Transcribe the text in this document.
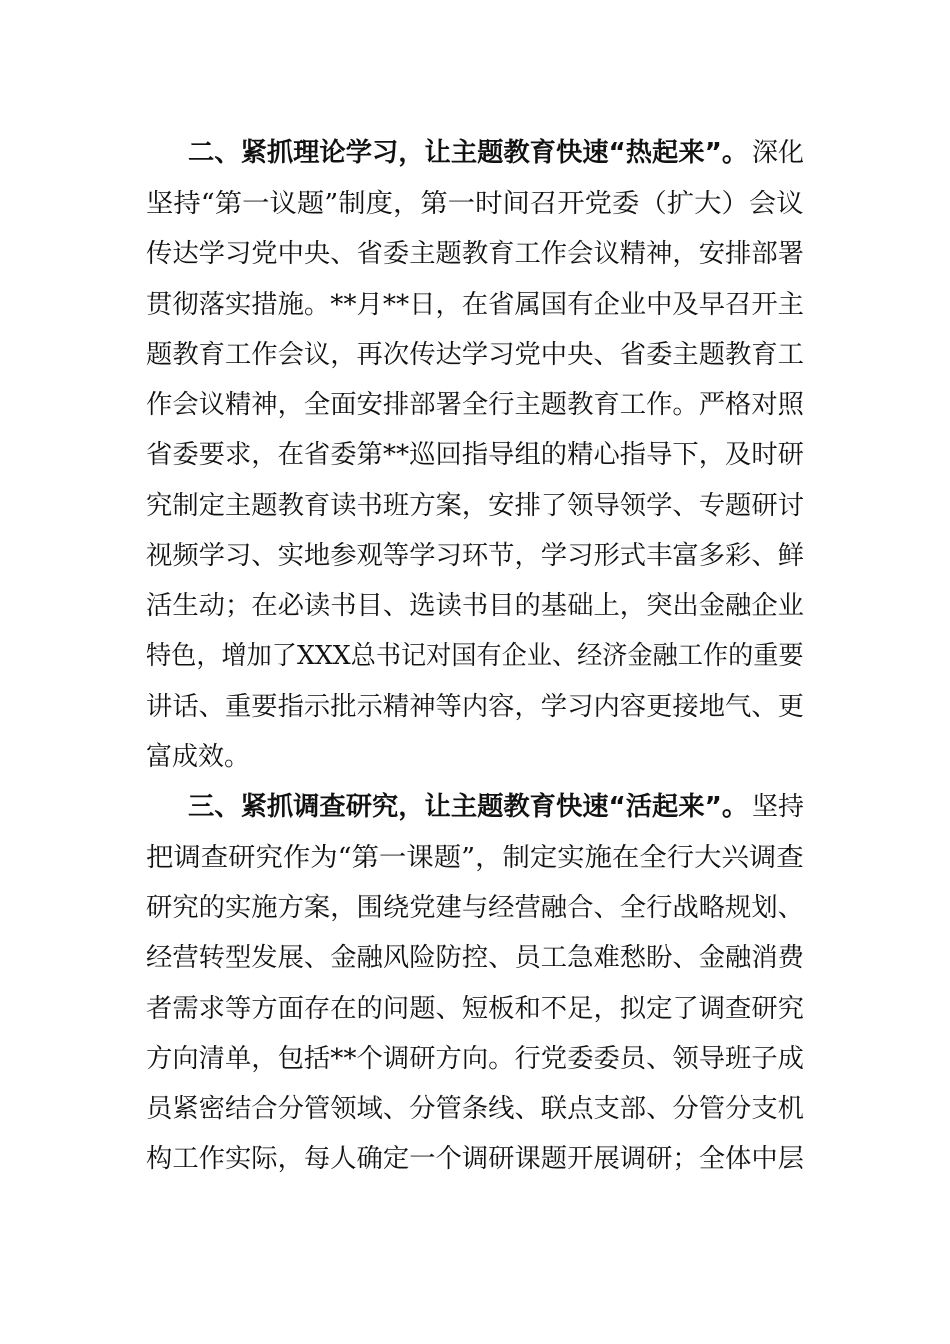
二、紧抓理论学习，让主题教育快速“热起来”。 深化
坚持“第一议题”制度，第一时间召开党委（扩大）会议
传达学习党中央、省委主题教育工作会议精神，安排部署
贯彻落实措施。**月**日，在省属国有企业中及早召开主
题教育工作会议，再次传达学习党中央、省委主题教育工
作会议精神，全面安排部署全行主题教育工作。严格对照
省委要求，在省委第**巡回指导组的精心指导下，及时研
究制定主题教育读书班方案，安排了领导领学、专题研讨
视频学习、实地参观等学习环节，学习形式丰富多彩、鲜
活生动；在必读书目、选读书目的基础上，突出金融企业
特色，增加了XXX总书记对国有企业、经济金融工作的重要
讲话、重要指示批示精神等内容，学习内容更接地气、更
富成效。
三、紧抓调查研究，让主题教育快速“活起来”。 坚持
把调查研究作为“第一课题”，制定实施在全行大兴调查
研究的实施方案，围绕党建与经营融合、全行战略规划、
经营转型发展、金融风险防控、员工急难愁盼、金融消费
者需求等方面存在的问题、短板和不足，拟定了调查研究
方向清单，包括**个调研方向。行党委委员、领导班子成
员紧密结合分管领域、分管条线、联点支部、分管分支机
构工作实际，每人确定一个调研课题开展调研；全体中层
